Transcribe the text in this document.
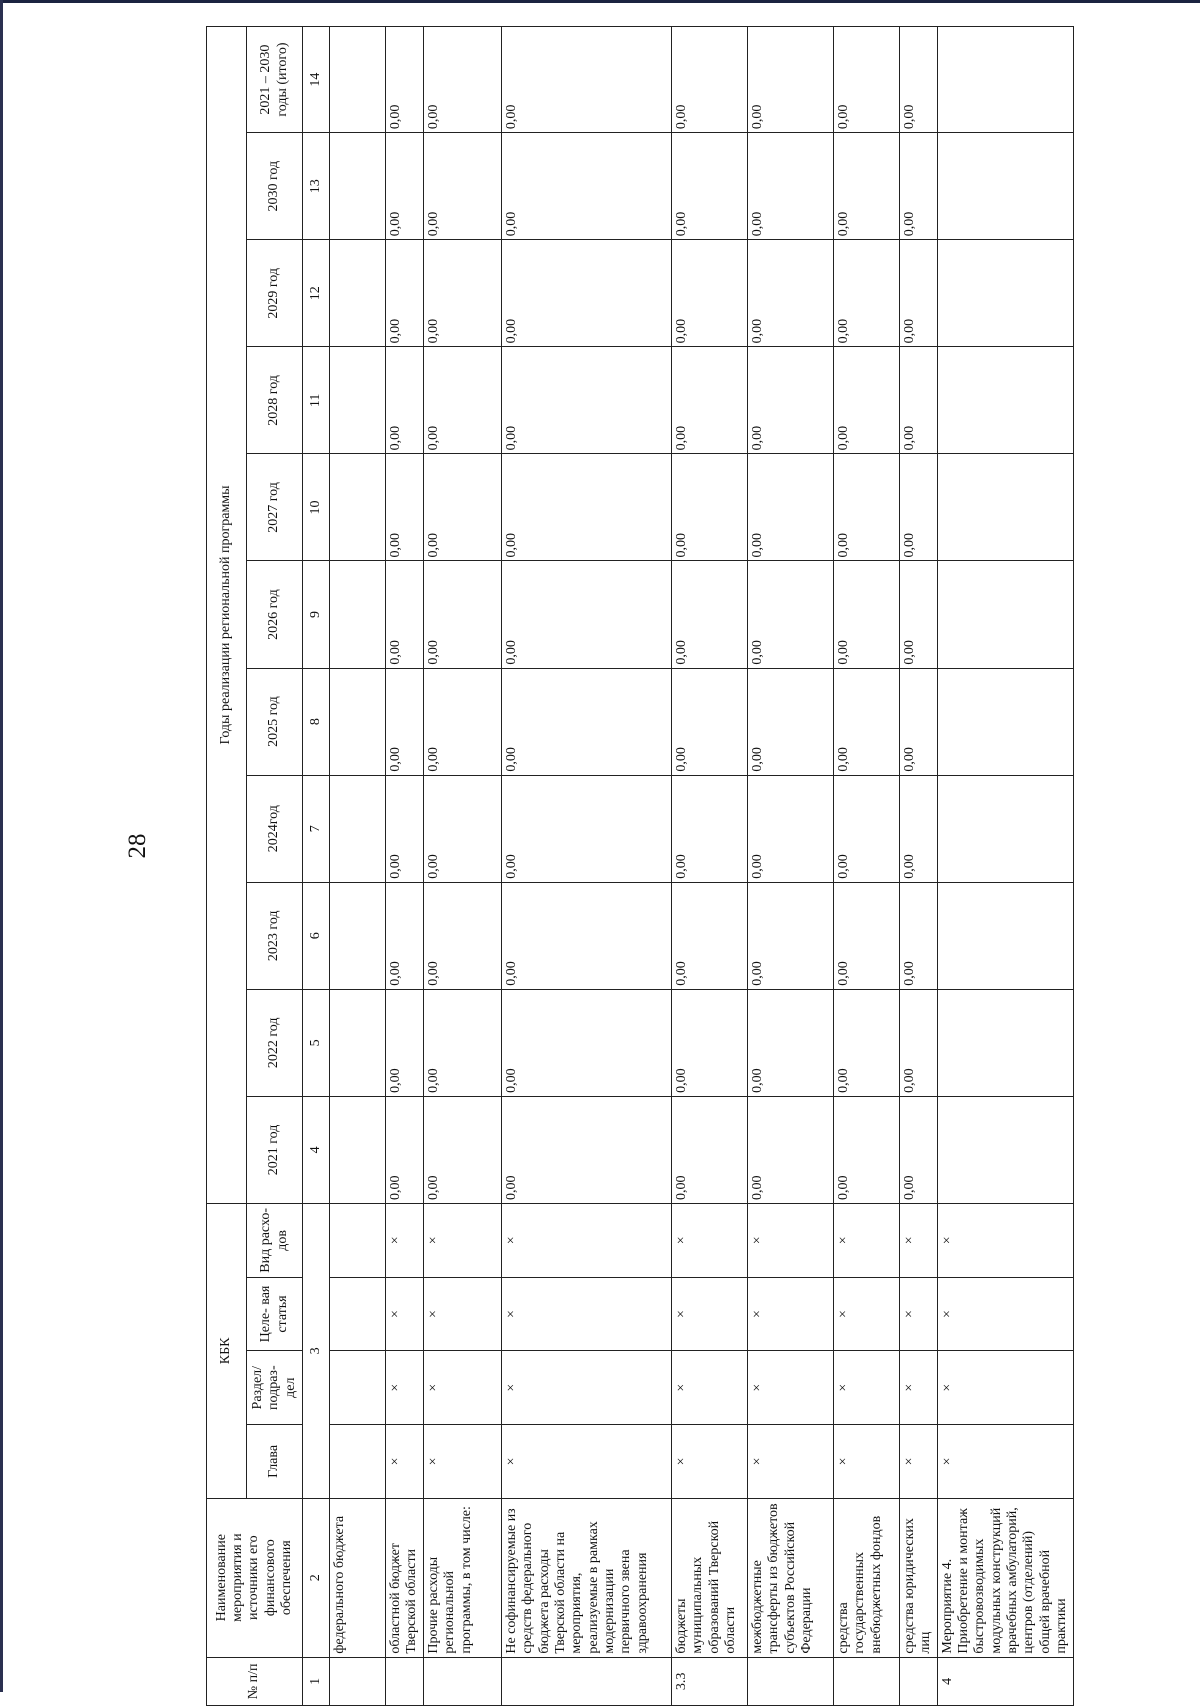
28
№ п/п	Наименование мероприятия и источники его финансового обеспечения	КБК				Годы реализации региональной программы										
		Глава	Раздел/ подраз- дел	Целе- вая статья	Вид расхо- дов	2021 год	2022 год	2023 год	2024год	2025 год	2026 год	2027 год	2028 год	2029 год	2030 год	2021 – 2030 годы (итого)
1	2	3				4	5	6	7	8	9	10	11	12	13	14
	федерального бюджета															
	областной бюджет Тверской области	×	×	×	×	0,00	0,00	0,00	0,00	0,00	0,00	0,00	0,00	0,00	0,00	0,00
	Прочие расходы региональной программы, в том числе:	×	×	×	×	0,00	0,00	0,00	0,00	0,00	0,00	0,00	0,00	0,00	0,00	0,00
	Не софинансируемые из средств федерального бюджета расходы Тверской области на мероприятия, реализуемые в рамках модернизации первичного звена здравоохранения	×	×	×	×	0,00	0,00	0,00	0,00	0,00	0,00	0,00	0,00	0,00	0,00	0,00
3.3	бюджеты муниципальных образований Тверской области	×	×	×	×	0,00	0,00	0,00	0,00	0,00	0,00	0,00	0,00	0,00	0,00	0,00
	межбюджетные трансферты из бюджетов субъектов Российской Федерации	×	×	×	×	0,00	0,00	0,00	0,00	0,00	0,00	0,00	0,00	0,00	0,00	0,00
	средства государственных внебюджетных фондов	×	×	×	×	0,00	0,00	0,00	0,00	0,00	0,00	0,00	0,00	0,00	0,00	0,00
	средства юридических лиц	×	×	×	×	0,00	0,00	0,00	0,00	0,00	0,00	0,00	0,00	0,00	0,00	0,00
4	Мероприятие 4. Приобретение и монтаж быстровозводимых модульных конструкций врачебных амбулаторий, центров (отделений) общей врачебной практики	×	×	×	×											
